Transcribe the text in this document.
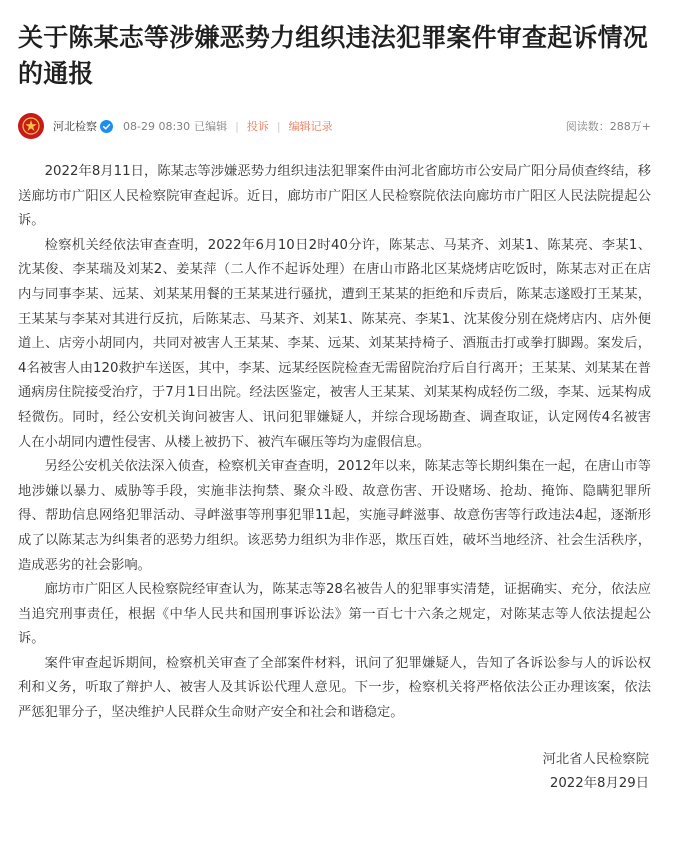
关于陈某志等涉嫌恶势力组织违法犯罪案件审查起诉情况的通报
河北检察 08-29 08:30 已编辑 | 投诉 | 编辑记录	阅读数：288万+

2022年8月11日，陈某志等涉嫌恶势力组织违法犯罪案件由河北省廊坊市公安局广阳分局侦查终结，移送廊坊市广阳区人民检察院审查起诉。近日，廊坊市广阳区人民检察院依法向廊坊市广阳区人民法院提起公诉。

检察机关经依法审查查明，2022年6月10日2时40分许，陈某志、马某齐、刘某1、陈某亮、李某1、沈某俊、李某瑞及刘某2、姜某萍（二人作不起诉处理）在唐山市路北区某烧烤店吃饭时，陈某志对正在店内与同事李某、远某、刘某某用餐的王某某进行骚扰，遭到王某某的拒绝和斥责后，陈某志遂殴打王某某，王某某与李某对其进行反抗，后陈某志、马某齐、刘某1、陈某亮、李某1、沈某俊分别在烧烤店内、店外便道上、店旁小胡同内，共同对被害人王某某、李某、远某、刘某某持椅子、酒瓶击打或拳打脚踢。案发后，4名被害人由120救护车送医，其中，李某、远某经医院检查无需留院治疗后自行离开；王某某、刘某某在普通病房住院接受治疗，于7月1日出院。经法医鉴定，被害人王某某、刘某某构成轻伤二级，李某、远某构成轻微伤。同时，经公安机关询问被害人、讯问犯罪嫌疑人，并综合现场勘查、调查取证，认定网传4名被害人在小胡同内遭性侵害、从楼上被扔下、被汽车碾压等均为虚假信息。

另经公安机关依法深入侦查，检察机关审查查明，2012年以来，陈某志等长期纠集在一起，在唐山市等地涉嫌以暴力、威胁等手段，实施非法拘禁、聚众斗殴、故意伤害、开设赌场、抢劫、掩饰、隐瞒犯罪所得、帮助信息网络犯罪活动、寻衅滋事等刑事犯罪11起，实施寻衅滋事、故意伤害等行政违法4起，逐渐形成了以陈某志为纠集者的恶势力组织。该恶势力组织为非作恶，欺压百姓，破坏当地经济、社会生活秩序，造成恶劣的社会影响。

廊坊市广阳区人民检察院经审查认为，陈某志等28名被告人的犯罪事实清楚，证据确实、充分，依法应当追究刑事责任，根据《中华人民共和国刑事诉讼法》第一百七十六条之规定，对陈某志等人依法提起公诉。

案件审查起诉期间，检察机关审查了全部案件材料，讯问了犯罪嫌疑人，告知了各诉讼参与人的诉讼权利和义务，听取了辩护人、被害人及其诉讼代理人意见。下一步，检察机关将严格依法公正办理该案，依法严惩犯罪分子，坚决维护人民群众生命财产安全和社会和谐稳定。

河北省人民检察院
2022年8月29日
